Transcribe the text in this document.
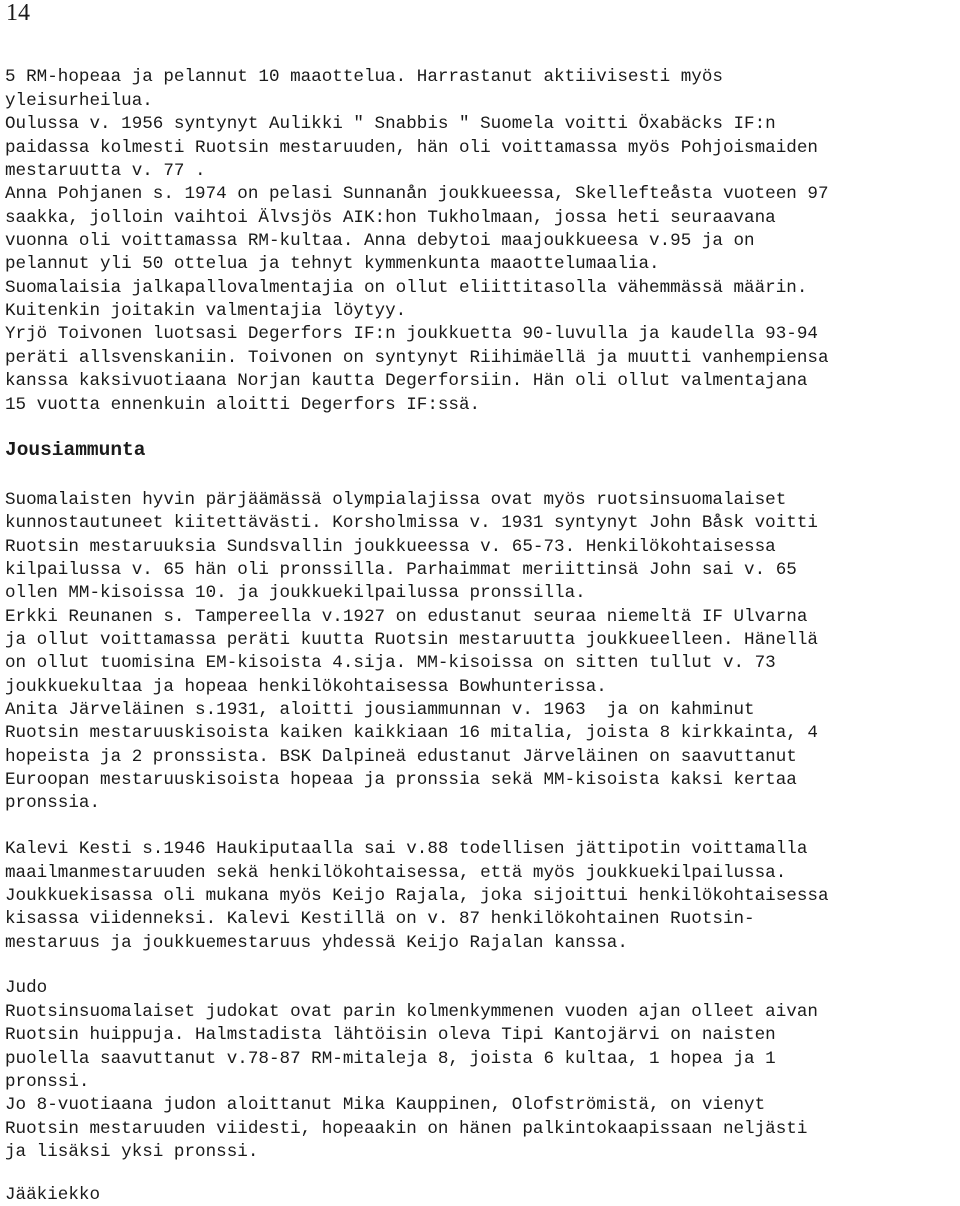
14
5 RM-hopeaa ja pelannut 10 maaottelua. Harrastanut aktiivisesti myös
yleisurheilua.
Oulussa v. 1956 syntynyt Aulikki " Snabbis " Suomela voitti Öxabäcks IF:n
paidassa kolmesti Ruotsin mestaruuden, hän oli voittamassa myös Pohjoismaiden
mestaruutta v. 77 .
Anna Pohjanen s. 1974 on pelasi Sunnanån joukkueessa, Skellefteåsta vuoteen 97
saakka, jolloin vaihtoi Älvsjös AIK:hon Tukholmaan, jossa heti seuraavana
vuonna oli voittamassa RM-kultaa. Anna debytoi maajoukkueesa v.95 ja on
pelannut yli 50 ottelua ja tehnyt kymmenkunta maaottelumaalia.
Suomalaisia jalkapallovalmentajia on ollut eliittitasolla vähemmässä määrin.
Kuitenkin joitakin valmentajia löytyy.
Yrjö Toivonen luotsasi Degerfors IF:n joukkuetta 90-luvulla ja kaudella 93-94
peräti allsvenskaniin. Toivonen on syntynyt Riihimäellä ja muutti vanhempiensa
kanssa kaksivuotiaana Norjan kautta Degerforsiin. Hän oli ollut valmentajana
15 vuotta ennenkuin aloitti Degerfors IF:ssä.
Jousiammunta
Suomalaisten hyvin pärjäämässä olympialajissa ovat myös ruotsinsuomalaiset
kunnostautuneet kiitettävästi. Korsholmissa v. 1931 syntynyt John Båsk voitti
Ruotsin mestaruuksia Sundsvallin joukkueessa v. 65-73. Henkilökohtaisessa
kilpailussa v. 65 hän oli pronssilla. Parhaimmat meriittinsä John sai v. 65
ollen MM-kisoissa 10. ja joukkuekilpailussa pronssilla.
Erkki Reunanen s. Tampereella v.1927 on edustanut seuraa niemeltä IF Ulvarna
ja ollut voittamassa peräti kuutta Ruotsin mestaruutta joukkueelleen. Hänellä
on ollut tuomisina EM-kisoista 4.sija. MM-kisoissa on sitten tullut v. 73
joukkuekultaa ja hopeaa henkilökohtaisessa Bowhunterissa.
Anita Järveläinen s.1931, aloitti jousiammunnan v. 1963  ja on kahminut
Ruotsin mestaruuskisoista kaiken kaikkiaan 16 mitalia, joista 8 kirkkainta, 4
hopeista ja 2 pronssista. BSK Dalpineä edustanut Järveläinen on saavuttanut
Euroopan mestaruuskisoista hopeaa ja pronssia sekä MM-kisoista kaksi kertaa
pronssia.
Kalevi Kesti s.1946 Haukiputaalla sai v.88 todellisen jättipotin voittamalla
maailmanmestaruuden sekä henkilökohtaisessa, että myös joukkuekilpailussa.
Joukkuekisassa oli mukana myös Keijo Rajala, joka sijoittui henkilökohtaisessa
kisassa viidenneksi. Kalevi Kestillä on v. 87 henkilökohtainen Ruotsin-
mestaruus ja joukkuemestaruus yhdessä Keijo Rajalan kanssa.
Judo
Ruotsinsuomalaiset judokat ovat parin kolmenkymmenen vuoden ajan olleet aivan
Ruotsin huippuja. Halmstadista lähtöisin oleva Tipi Kantojärvi on naisten
puolella saavuttanut v.78-87 RM-mitaleja 8, joista 6 kultaa, 1 hopea ja 1
pronssi.
Jo 8-vuotiaana judon aloittanut Mika Kauppinen, Olofströmistä, on vienyt
Ruotsin mestaruuden viidesti, hopeaakin on hänen palkintokaapissaan neljästi
ja lisäksi yksi pronssi.
Jääkiekko
